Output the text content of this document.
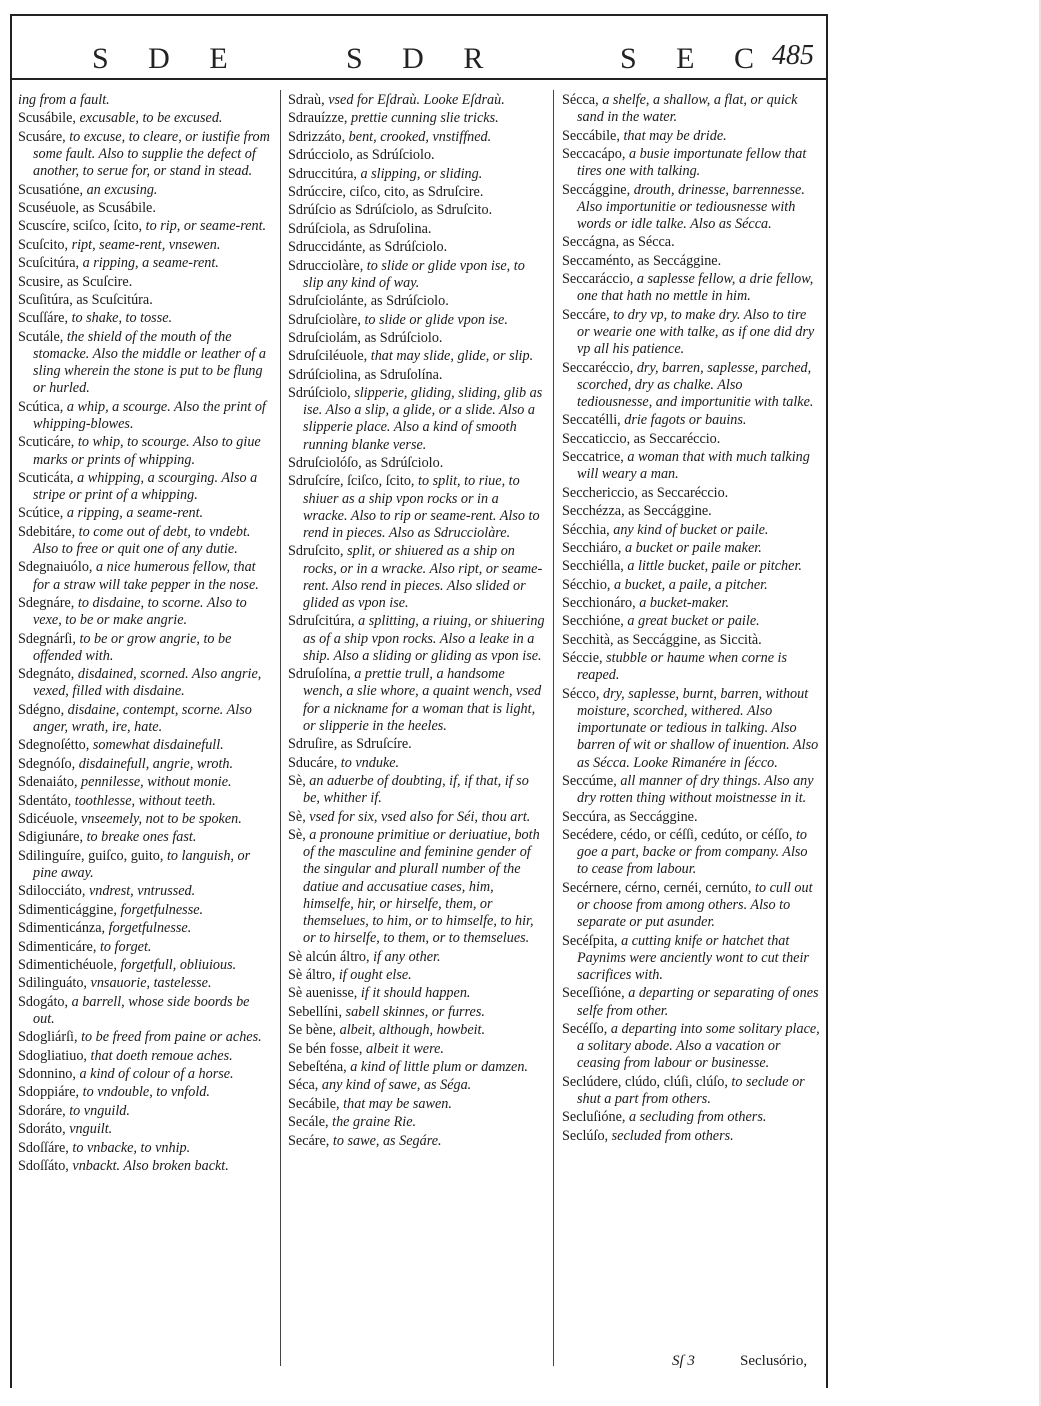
S D E	S D R	S E C 485
ing from a fault.
Scusábile, excusable, to be excused.
Scusáre, to excuse, to cleare, or iustifie from some fault. Also to supplie the defect of another, to serue for, or stand in stead.
Scusatióne, an excusing.
Scuséuole, as Scusábile.
Scuscíre, sciſco, ſcito, to rip, or seame-rent.
Scuſcito, ript, seame-rent, vnsewen.
Scuſcitúra, a ripping, a seame-rent.
Scusire, as Scuſcire.
Scuſitúra, as Scuſcitúra.
Scuſſáre, to shake, to tosse.
Scutále, the shield of the mouth of the stomacke. Also the middle or leather of a sling wherein the stone is put to be flung or hurled.
Scútica, a whip, a scourge. Also the print of whipping-blowes.
Scuticáre, to whip, to scourge. Also to giue marks or prints of whipping.
Scuticáta, a whipping, a scourging. Also a stripe or print of a whipping.
Scútice, a ripping, a seame-rent.
Sdebitáre, to come out of debt, to vndebt. Also to free or quit one of any dutie.
Sdegnaiuólo, a nice humerous fellow, that for a straw will take pepper in the nose.
Sdegnáre, to disdaine, to scorne. Also to vexe, to be or make angrie.
Sdegnárſi, to be or grow angrie, to be offended with.
Sdegnáto, disdained, scorned. Also angrie, vexed, filled with disdaine.
Sdégno, disdaine, contempt, scorne. Also anger, wrath, ire, hate.
Sdegnoſétto, somewhat disdainefull.
Sdegnóſo, disdainefull, angrie, wroth.
Sdenaiáto, pennilesse, without monie.
Sdentáto, toothlesse, without teeth.
Sdicéuole, vnseemely, not to be spoken.
Sdigiunáre, to breake ones fast.
Sdilinguíre, guiſco, guito, to languish, or pine away.
Sdilocciáto, vndrest, vntrussed.
Sdimenticággine, forgetfulnesse.
Sdimenticánza, forgetfulnesse.
Sdimenticáre, to forget.
Sdimentichéuole, forgetfull, obliuious.
Sdilinguáto, vnsauorie, tastelesse.
Sdogáto, a barrell, whose side boords be out.
Sdogliárſi, to be freed from paine or aches.
Sdogliatiuo, that doeth remoue aches.
Sdonnino, a kind of colour of a horse.
Sdoppiáre, to vndouble, to vnfold.
Sdoráre, to vnguild.
Sdoráto, vnguilt.
Sdoſſáre, to vnbacke, to vnhip.
Sdoſſáto, vnbackt. Also broken backt.
Sdraù, vsed for Eſdraù. Looke Eſdraù.
Sdrauízze, prettie cunning slie tricks.
Sdrizzáto, bent, crooked, vnstiffned.
Sdrúcciolo, as Sdrúſciolo.
Sdruccitúra, a slipping, or sliding.
Sdrúccire, ciſco, cito, as Sdruſcire.
Sdrúſcio as Sdrúſciolo, as Sdruſcito.
Sdrúſciola, as Sdruſolina.
Sdruccidánte, as Sdrúſciolo.
Sdrucciolàre, to slide or glide vpon ise, to slip any kind of way.
Sdruſciolánte, as Sdrúſciolo.
Sdruſciolàre, to slide or glide vpon ise.
Sdruſciolám, as Sdrúſciolo.
Sdruſciléuole, that may slide, glide, or slip.
Sdrúſciolina, as Sdruſolína.
Sdrúſciolo, slipperie, gliding, sliding, glib as ise. Also a slip, a glide, or a slide. Also a slipperie place. Also a kind of smooth running blanke verse.
Sdruſciolóſo, as Sdrúſciolo.
Sdruſcíre, ſciſco, ſcito, to split, to riue, to shiuer as a ship vpon rocks or in a wracke. Also to rip or seame-rent. Also to rend in pieces. Also as Sdrucciolàre.
Sdruſcito, split, or shiuered as a ship on rocks, or in a wracke. Also ript, or seame-rent. Also rend in pieces. Also slided or glided as vpon ise.
Sdruſcitúra, a splitting, a riuing, or shiuering as of a ship vpon rocks. Also a leake in a ship. Also a sliding or gliding as vpon ise.
Sdruſolína, a prettie trull, a handsome wench, a slie whore, a quaint wench, vsed for a nickname for a woman that is light, or slipperie in the heeles.
Sdruſire, as Sdruſcíre.
Sducáre, to vnduke.
Sè, an aduerbe of doubting, if, if that, if so be, whither if.
Sè, vsed for six, vsed also for Séi, thou art.
Sè, a pronoune primitiue or deriuatiue, both of the masculine and feminine gender of the singular and plurall number of the datiue and accusatiue cases, him, himselfe, hir, or hirselfe, them, or themselues, to him, or to himselfe, to hir, or to hirselfe, to them, or to themselues.
Sè alcún áltro, if any other.
Sè áltro, if ought else.
Sè auenisse, if it should happen.
Sebellíni, sabell skinnes, or furres.
Se bène, albeit, although, howbeit.
Se bén fosse, albeit it were.
Sebeſténa, a kind of little plum or damzen.
Séca, any kind of sawe, as Séga.
Secábile, that may be sawen.
Secále, the graine Rie.
Secáre, to sawe, as Segáre.
Sécca, a shelfe, a shallow, a flat, or quick sand in the water.
Seccábile, that may be dride.
Seccacápo, a busie importunate fellow that tires one with talking.
Seccággine, drouth, drinesse, barrennesse. Also importunitie or tediousnesse with words or idle talke. Also as Sécca.
Seccágna, as Sécca.
Seccaménto, as Seccággine.
Seccaráccio, a saplesse fellow, a drie fellow, one that hath no mettle in him.
Seccáre, to dry vp, to make dry. Also to tire or wearie one with talke, as if one did dry vp all his patience.
Seccaréccio, dry, barren, saplesse, parched, scorched, dry as chalke. Also tediousnesse, and importunitie with talke.
Seccatélli, drie fagots or bauins.
Seccaticcio, as Seccaréccio.
Seccatrice, a woman that with much talking will weary a man.
Secchericcio, as Seccaréccio.
Secchézza, as Seccággine.
Sécchia, any kind of bucket or paile.
Secchiáro, a bucket or paile maker.
Secchiélla, a little bucket, paile or pitcher.
Sécchio, a bucket, a paile, a pitcher.
Secchionáro, a bucket-maker.
Secchióne, a great bucket or paile.
Secchità, as Seccággine, as Siccità.
Séccie, stubble or haume when corne is reaped.
Sécco, dry, saplesse, burnt, barren, without moisture, scorched, withered. Also importunate or tedious in talking. Also barren of wit or shallow of inuention. Also as Sécca. Looke Rimanére in ſécco.
Seccúme, all manner of dry things. Also any dry rotten thing without moistnesse in it.
Seccúra, as Seccággine.
Secédere, cédo, or céſſi, cedúto, or céſſo, to goe a part, backe or from company. Also to cease from labour.
Secérnere, cérno, cernéi, cernúto, to cull out or choose from among others. Also to separate or put asunder.
Secéſpita, a cutting knife or hatchet that Paynims were anciently wont to cut their sacrifices with.
Seceſſióne, a departing or separating of ones selfe from other.
Secéſſo, a departing into some solitary place, a solitary abode. Also a vacation or ceasing from labour or businesse.
Seclúdere, clúdo, clúſi, clúſo, to seclude or shut a part from others.
Secluſióne, a secluding from others.
Seclúſo, secluded from others.
Sſ 3	Seclusório,
